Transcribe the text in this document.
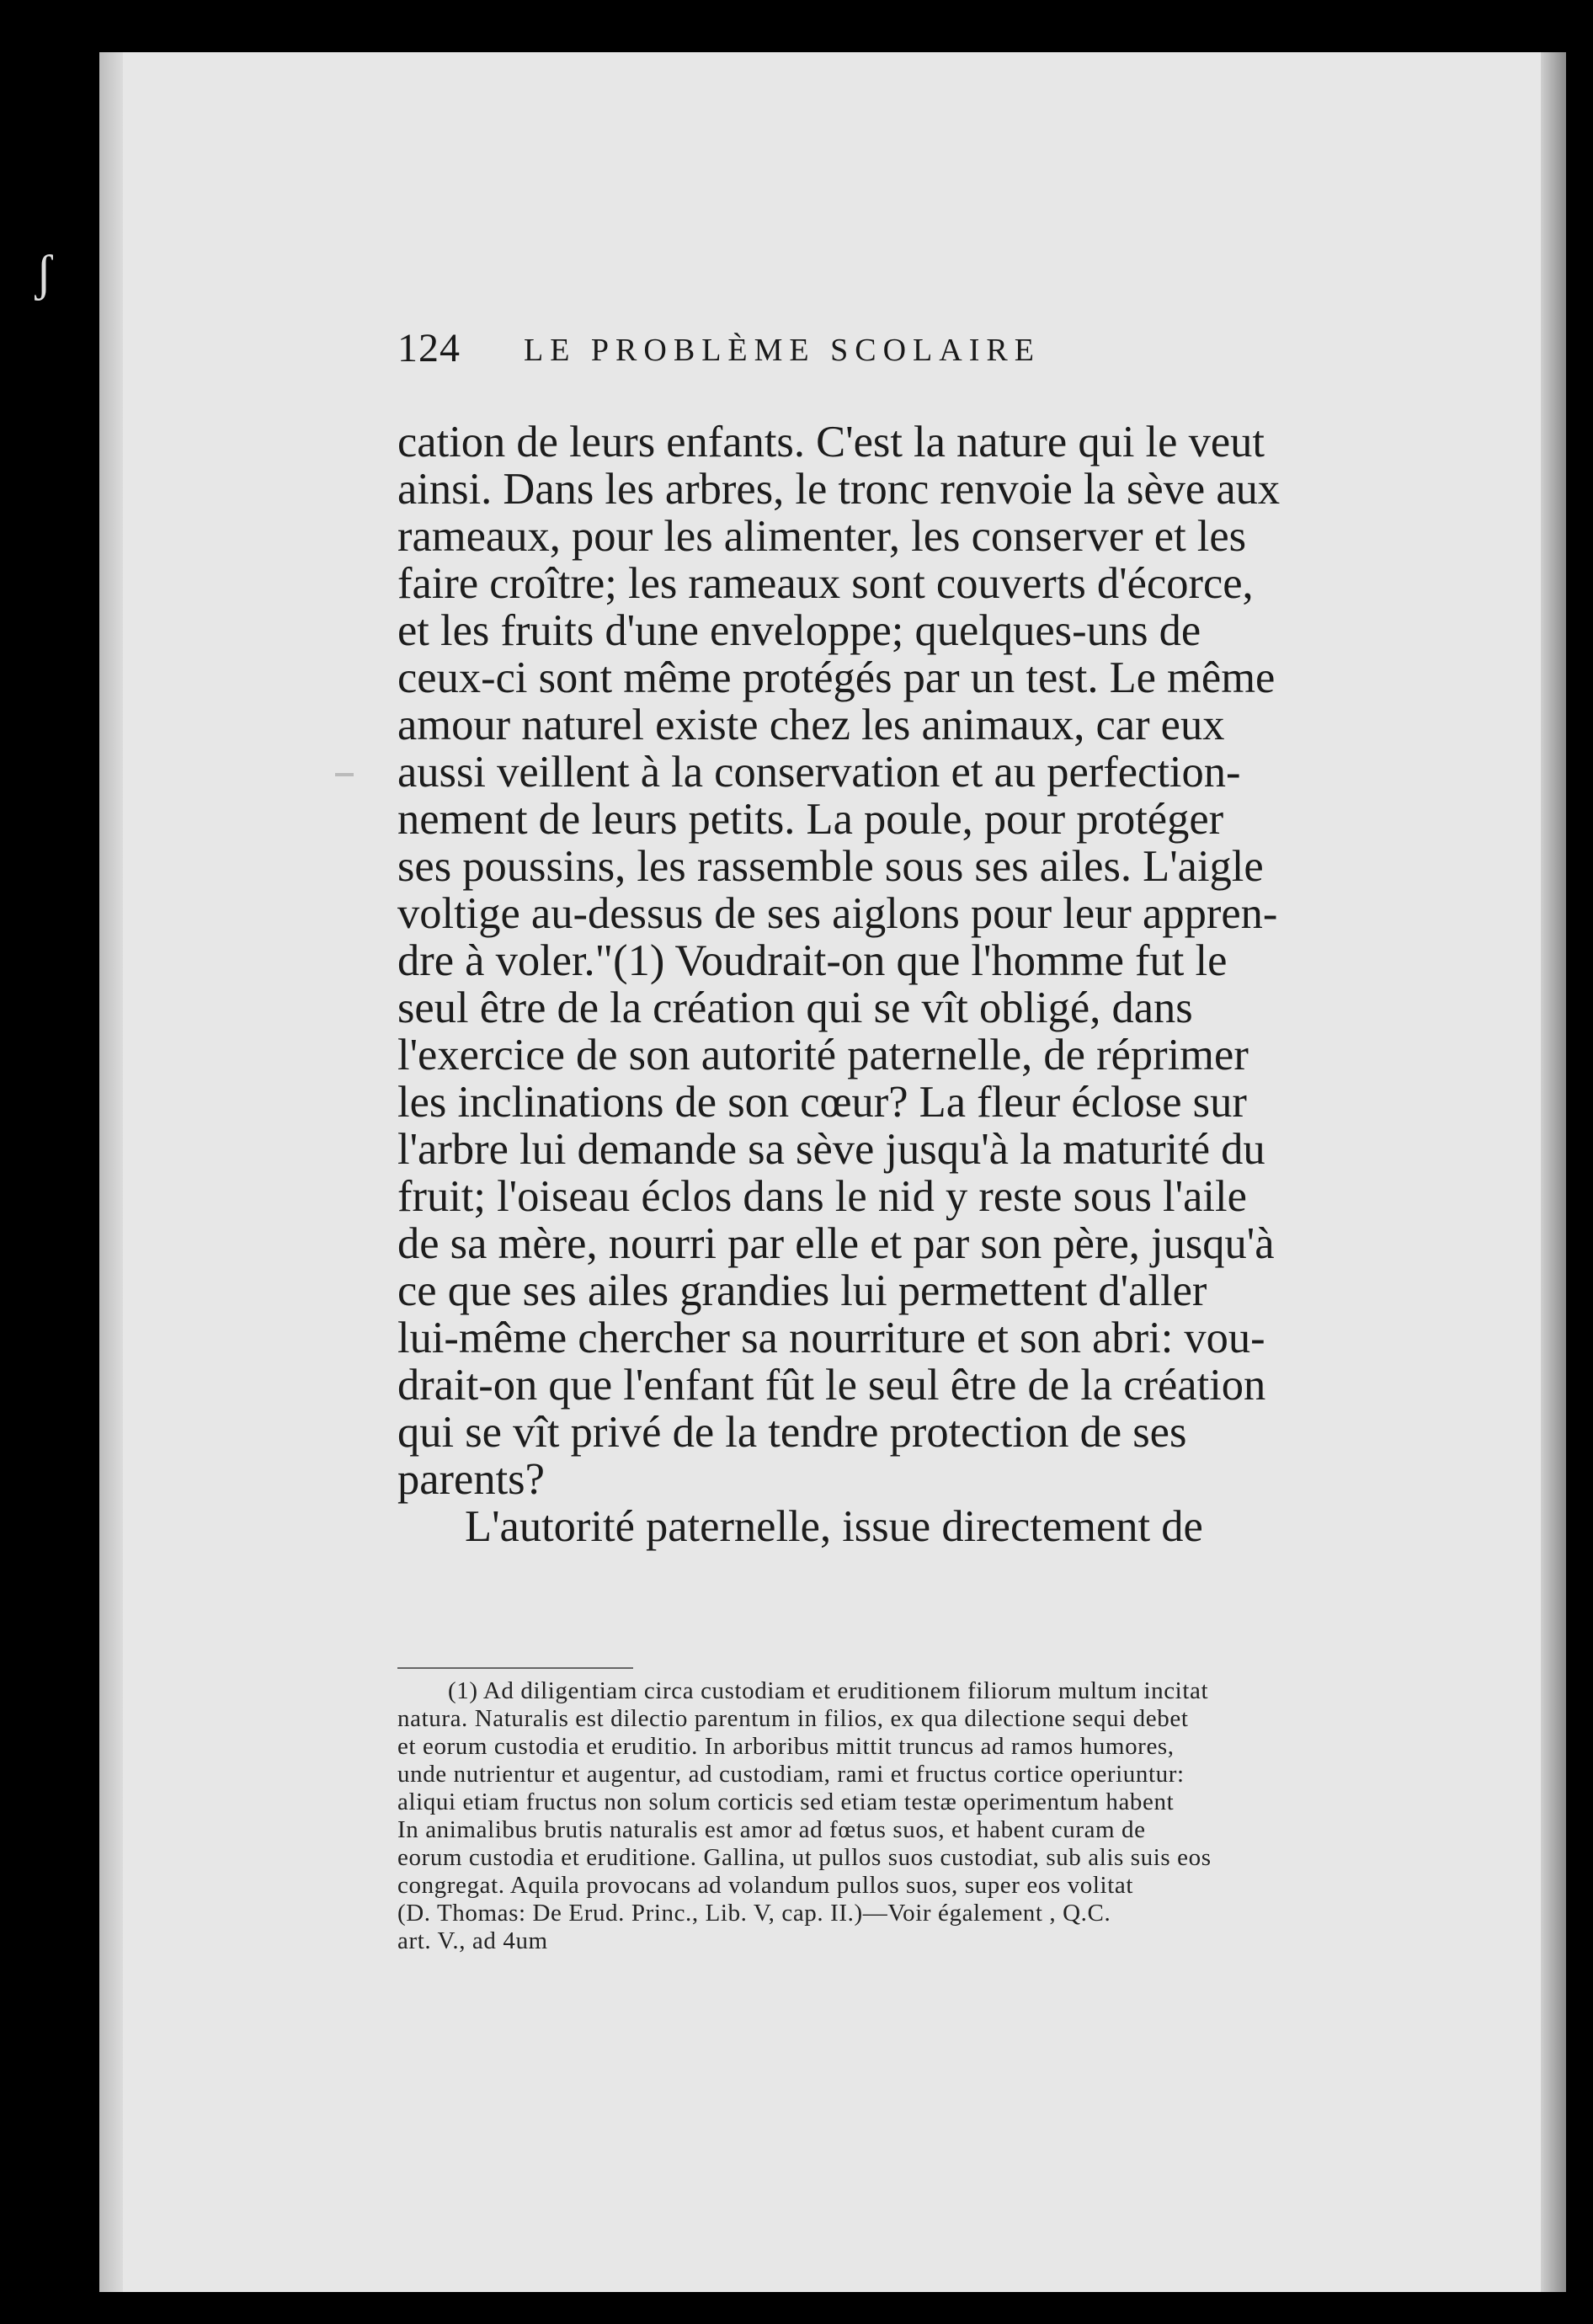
ʃ
124 LE PROBLÈME SCOLAIRE
cation de leurs enfants. C'est la nature qui le veut
ainsi. Dans les arbres, le tronc renvoie la sève aux
rameaux, pour les alimenter, les conserver et les
faire croître; les rameaux sont couverts d'écorce,
et les fruits d'une enveloppe; quelques-uns de
ceux-ci sont même protégés par un test. Le même
amour naturel existe chez les animaux, car eux
aussi veillent à la conservation et au perfection-
nement de leurs petits. La poule, pour protéger
ses poussins, les rassemble sous ses ailes. L'aigle
voltige au-dessus de ses aiglons pour leur appren-
dre à voler."(1) Voudrait-on que l'homme fut le
seul être de la création qui se vît obligé, dans
l'exercice de son autorité paternelle, de réprimer
les inclinations de son cœur? La fleur éclose sur
l'arbre lui demande sa sève jusqu'à la maturité du
fruit; l'oiseau éclos dans le nid y reste sous l'aile
de sa mère, nourri par elle et par son père, jusqu'à
ce que ses ailes grandies lui permettent d'aller
lui-même chercher sa nourriture et son abri: vou-
drait-on que l'enfant fût le seul être de la création
qui se vît privé de la tendre protection de ses
parents?
L'autorité paternelle, issue directement de
(1) Ad diligentiam circa custodiam et eruditionem filiorum multum incitat
natura. Naturalis est dilectio parentum in filios, ex qua dilectione sequi debet
et eorum custodia et eruditio. In arboribus mittit truncus ad ramos humores,
unde nutrientur et augentur, ad custodiam, rami et fructus cortice operiuntur:
aliqui etiam fructus non solum corticis sed etiam testæ operimentum habent
In animalibus brutis naturalis est amor ad fœtus suos, et habent curam de
eorum custodia et eruditione. Gallina, ut pullos suos custodiat, sub alis suis eos
congregat. Aquila provocans ad volandum pullos suos, super eos volitat
(D. Thomas: De Erud. Princ., Lib. V, cap. II.)—Voir également , Q.C.
art. V., ad 4um
